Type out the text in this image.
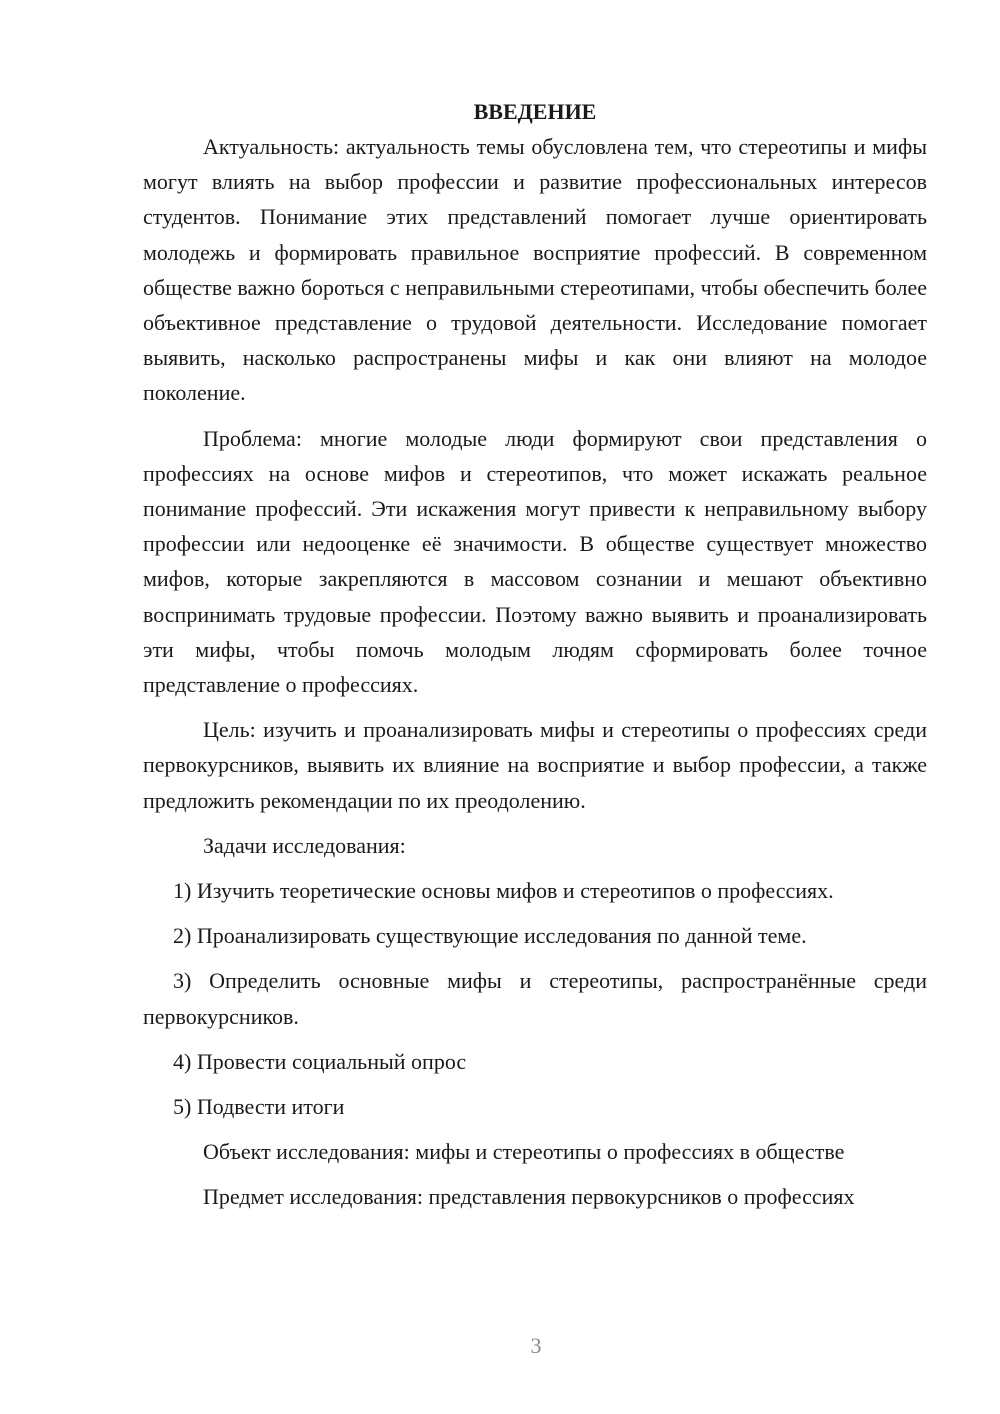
ВВЕДЕНИЕ

Актуальность: актуальность темы обусловлена тем, что стереотипы и мифы могут влиять на выбор профессии и развитие профессиональных интересов студентов. Понимание этих представлений помогает лучше ориентировать молодежь и формировать правильное восприятие профессий. В современном обществе важно бороться с неправильными стереотипами, чтобы обеспечить более объективное представление о трудовой деятельности. Исследование помогает выявить, насколько распространены мифы и как они влияют на молодое поколение.

Проблема: многие молодые люди формируют свои представления о профессиях на основе мифов и стереотипов, что может искажать реальное понимание профессий. Эти искажения могут привести к неправильному выбору профессии или недооценке её значимости. В обществе существует множество мифов, которые закрепляются в массовом сознании и мешают объективно воспринимать трудовые профессии. Поэтому важно выявить и проанализировать эти мифы, чтобы помочь молодым людям сформировать более точное представление о профессиях.

Цель: изучить и проанализировать мифы и стереотипы о профессиях среди первокурсников, выявить их влияние на восприятие и выбор профессии, а также предложить рекомендации по их преодолению.

Задачи исследования:

1) Изучить теоретические основы мифов и стереотипов о профессиях.

2) Проанализировать существующие исследования по данной теме.

3) Определить основные мифы и стереотипы, распространённые среди первокурсников.

4) Провести социальный опрос

5) Подвести итоги

Объект исследования: мифы и стереотипы о профессиях в обществе

Предмет исследования: представления первокурсников о профессиях

3
